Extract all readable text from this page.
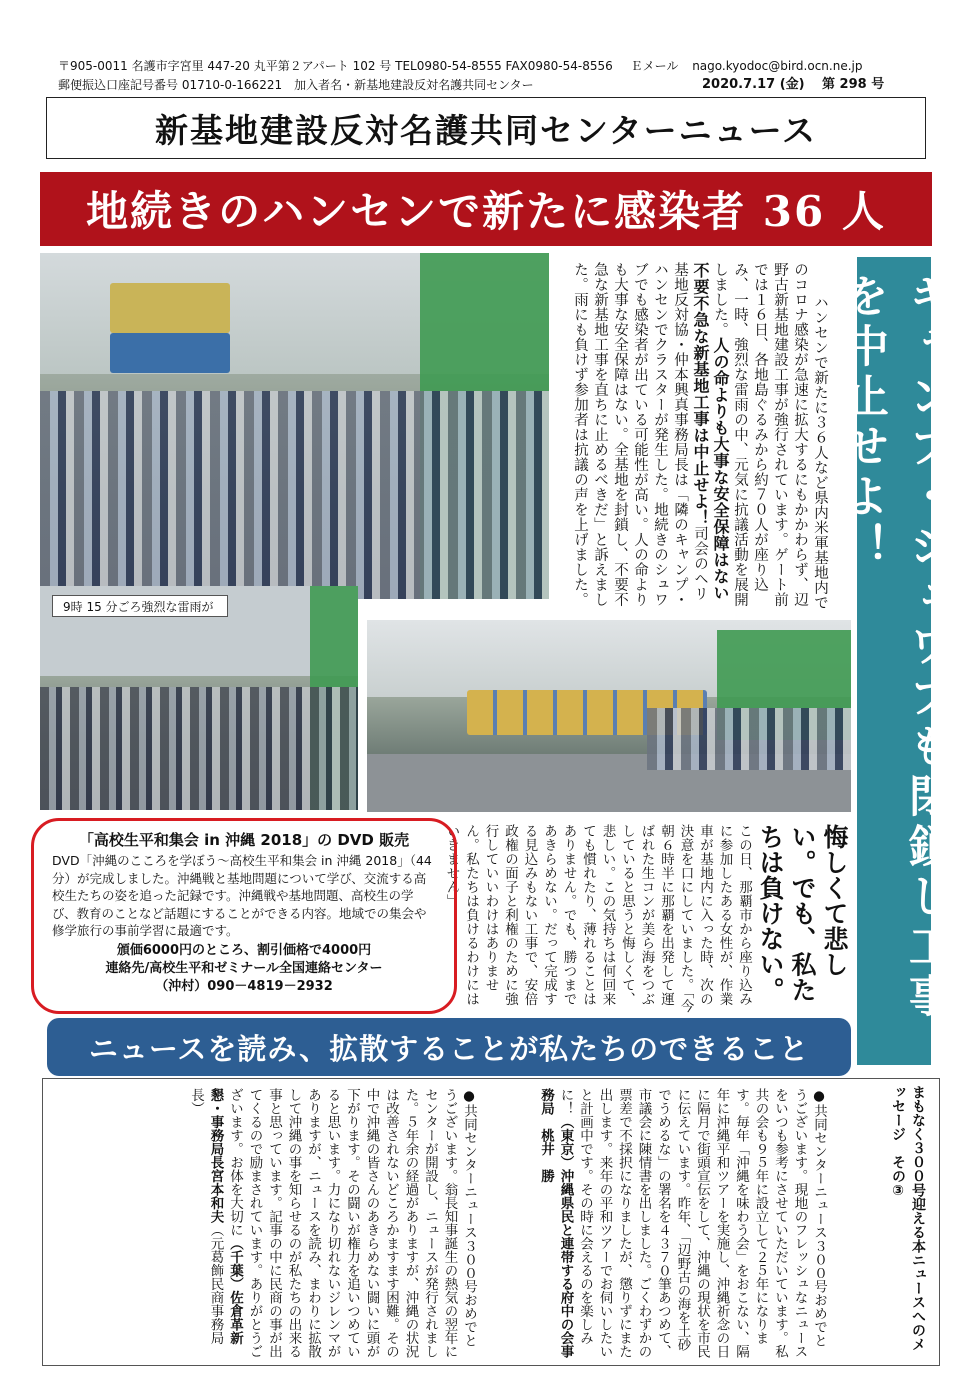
〒905-0011 名護市字宮里 447-20 丸平第２アパート 102 号 TEL0980-54-8555 FAX0980-54-8556 Ｅメール nago.kyodoc@bird.ocn.ne.jp
郵便振込口座記号番号 01710-0-166221　加入者名・新基地建設反対名護共同センター	2020.7.17 (金) 第 298 号
新基地建設反対名護共同センターニュース
地続きのハンセンで新たに感染者 36 人

ハンセンで新たに３６人など県内米軍基地内でのコロナ感染が急速に拡大するにもかかわらず、辺野古新基地建設工事が強行されています。ゲート前では１６日、各地島ぐるみから約７０人が座り込み、一時、強烈な雷雨の中、元気に抗議活動を展開しました。人の命よりも大事な安全保障はない　不要不急な新基地工事は中止せよ！司会のヘリ基地反対協・仲本興真事務局長は「隣のキャンプ・ハンセンでクラスターが発生した。地続きのシュワブでも感染者が出ている可能性が高い。人の命よりも大事な安全保障はない。全基地を封鎖し、不要不急な新基地工事を直ちに止めるべきだ」と訴えました。雨にも負けず参加者は抗議の声を上げました。	キャンプ・シュワブも閉鎖し工事を中止せよ！
9時 15 分ごろ強烈な雷雨が
悔しくて悲しい。でも、私たちは負けない。この日、那覇市から座り込みに参加したある女性が、作業車が基地内に入った時、次の決意を口にしていました。「今朝６時半に那覇を出発して運ばれた生コンが美ら海をつぶしていると思うと悔しくて、悲しい。この気持ちは何回来ても慣れたり、薄れることはありません。でも、勝つまであきらめない。だって完成する見込みもない工事で、安倍政権の面子と利権のために強行していいわけはありません。私たちは負けるわけにはいきません」
「高校生平和集会 in 沖縄 2018」の DVD 販売
DVD「沖縄のこころを学ぼう～高校生平和集会 in 沖縄 2018」（44 分）が完成しました。沖縄戦と基地問題について学び、交流する高校生たちの姿を追った記録です。沖縄戦や基地問題、高校生の学び、教育のことなど話題にすることができる内容。地域での集会や修学旅行の事前学習に最適です。
頒価6000円のところ、割引価格で4000円
連絡先/高校生平和ゼミナール全国連絡センター
（沖村）090－4819－2932
ニュースを読み、拡散することが私たちのできること
まもなく３００号迎える本ニュースへのメッセージ　その③
●共同センターニュース３００号おめでとうございます。現地のフレッシュなニュースをいつも参考にさせていただいています。私共の会も９５年に設立して２５年になります。毎年「沖縄を味わう会」をおこない、隔年に沖縄平和ツアーを実施し、沖縄祈念の日に隔月で街頭宣伝をして、沖縄の現状を市民に伝えています。昨年、「辺野古の海を土砂でうめるな」の署名を４３７０筆あつめて、市議会に陳情書を出しました。ごくわずかの票差で不採択になりましたが、懲りずにまた出します。来年の平和ツアーでお伺いしたいと計画中です。その時に会えるのを楽しみに！（東京）沖縄県民と連帯する府中の会事務局　桃井　勝
●共同センターニュース３００号おめでとうございます。翁長知事誕生の熱気の翌年にセンターが開設し、ニュースが発行されました。５年余の経過がありますが、沖縄の状況は改善されないどころかますます困難。その中で沖縄の皆さんのあきらめない闘いに頭が下がります。その闘いが権力を追いつめていると思います。力になり切れないジレンマがありますが、ニュースを読み、まわりに拡散して沖縄の事を知らせるのが私たちの出来る事と思っています。記事の中に民商の事が出てくるので励まされています。ありがとうございます。お体を大切に（千葉）佐倉革新懇・事務局長宮本和夫（元葛飾民商事務局長）
